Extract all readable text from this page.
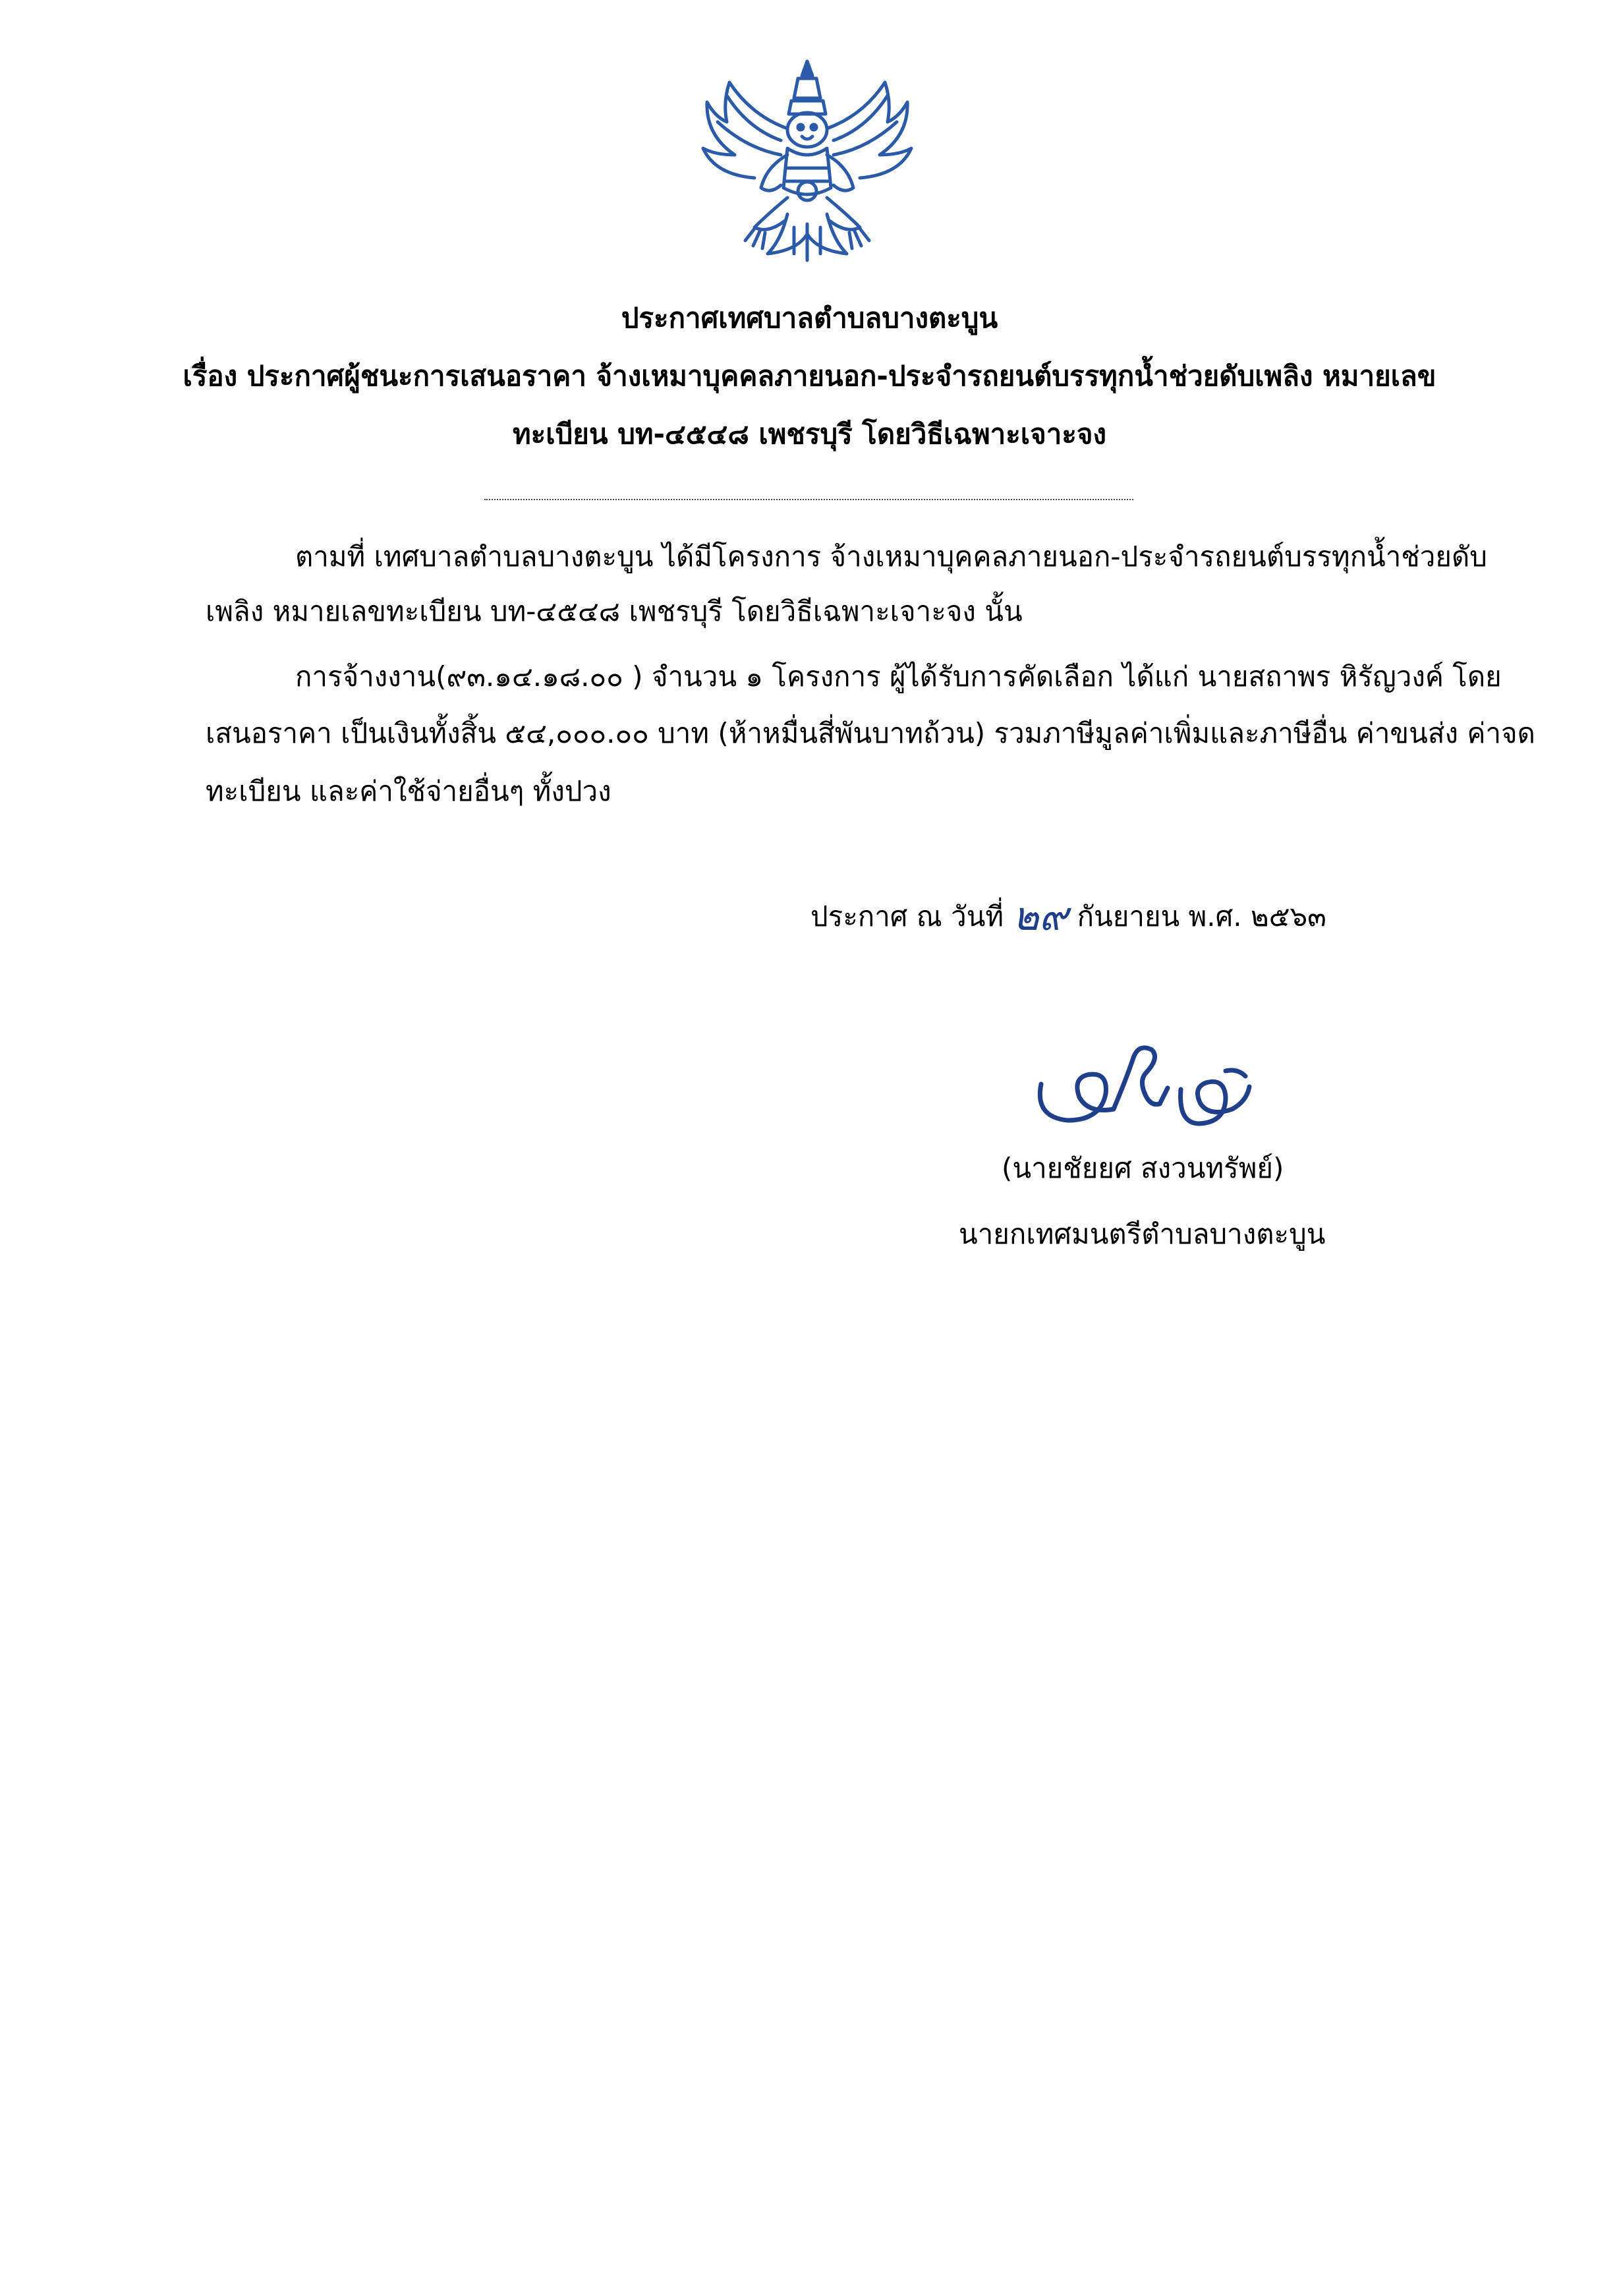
ประกาศเทศบาลตำบลบางตะบูน
เรื่อง ประกาศผู้ชนะการเสนอราคา จ้างเหมาบุคคลภายนอก-ประจำรถยนต์บรรทุกน้ำช่วยดับเพลิง หมายเลข
ทะเบียน บท-๔๕๔๘ เพชรบุรี โดยวิธีเฉพาะเจาะจง
ตามที่ เทศบาลตำบลบางตะบูน ได้มีโครงการ จ้างเหมาบุคคลภายนอก-ประจำรถยนต์บรรทุกน้ำช่วยดับ
เพลิง หมายเลขทะเบียน บท-๔๕๔๘ เพชรบุรี โดยวิธีเฉพาะเจาะจง นั้น
การจ้างงาน(๙๓.๑๔.๑๘.๐๐ ) จำนวน ๑ โครงการ ผู้ได้รับการคัดเลือก ได้แก่ นายสถาพร หิรัญวงค์ โดย
เสนอราคา เป็นเงินทั้งสิ้น ๕๔,๐๐๐.๐๐ บาท (ห้าหมื่นสี่พันบาทถ้วน) รวมภาษีมูลค่าเพิ่มและภาษีอื่น ค่าขนส่ง ค่าจด
ทะเบียน และค่าใช้จ่ายอื่นๆ ทั้งปวง
ประกาศ ณ วันที่ ๒๙ กันยายน พ.ศ. ๒๕๖๓
(นายชัยยศ สงวนทรัพย์)
นายกเทศมนตรีตำบลบางตะบูน
